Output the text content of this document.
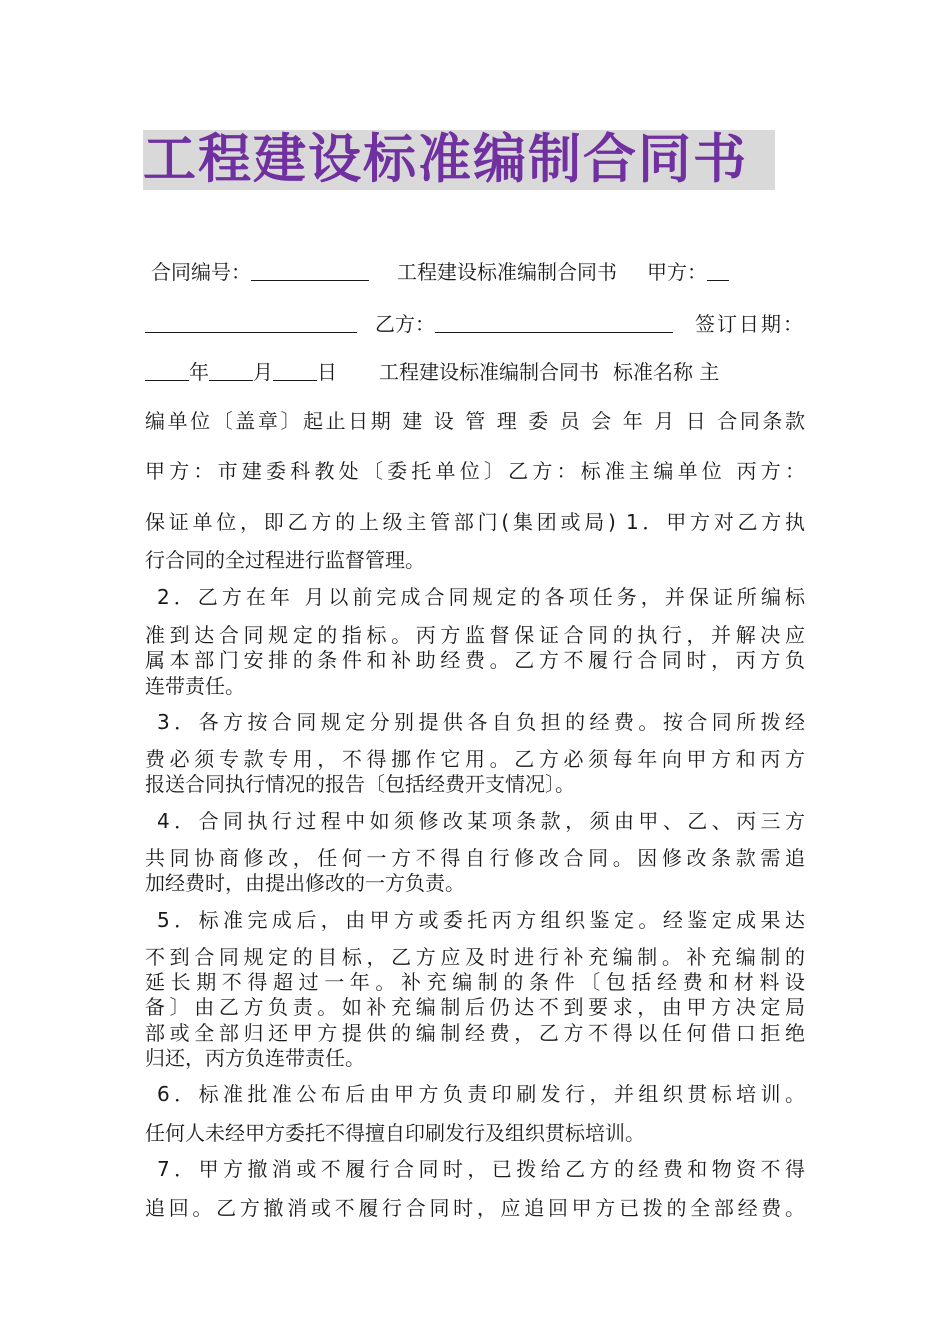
工程建设标准编制合同书
合同编号：	工程建设标准编制合同书 甲方：
乙方：	签订日期：
年 月 日 工程建设标准编制合同书 标准名称 主
编单位〔盖章〕起止日期 建 设 管 理 委 员 会 年 月 日 合同条款
甲方：市建委科教处〔委托单位〕乙方：标准主编单位 丙方：
保证单位，即乙方的上级主管部门(集团或局) 1．甲方对乙方执
行合同的全过程进行监督管理。
2．乙方在年 月以前完成合同规定的各项任务，并保证所编标
准到达合同规定的指标。丙方监督保证合同的执行，并解决应
属本部门安排的条件和补助经费。乙方不履行合同时，丙方负
连带责任。
3．各方按合同规定分别提供各自负担的经费。按合同所拨经
费必须专款专用，不得挪作它用。乙方必须每年向甲方和丙方
报送合同执行情况的报告〔包括经费开支情况〕。
4．合同执行过程中如须修改某项条款，须由甲、乙、丙三方
共同协商修改，任何一方不得自行修改合同。因修改条款需追
加经费时，由提出修改的一方负责。
5．标准完成后，由甲方或委托丙方组织鉴定。经鉴定成果达
不到合同规定的目标，乙方应及时进行补充编制。补充编制的
延长期不得超过一年。补充编制的条件〔包括经费和材料设
备〕由乙方负责。如补充编制后仍达不到要求，由甲方决定局
部或全部归还甲方提供的编制经费，乙方不得以任何借口拒绝
归还，丙方负连带责任。
6．标准批准公布后由甲方负责印刷发行，并组织贯标培训。
任何人未经甲方委托不得擅自印刷发行及组织贯标培训。
7．甲方撤消或不履行合同时，已拨给乙方的经费和物资不得
追回。乙方撤消或不履行合同时，应追回甲方已拨的全部经费。
